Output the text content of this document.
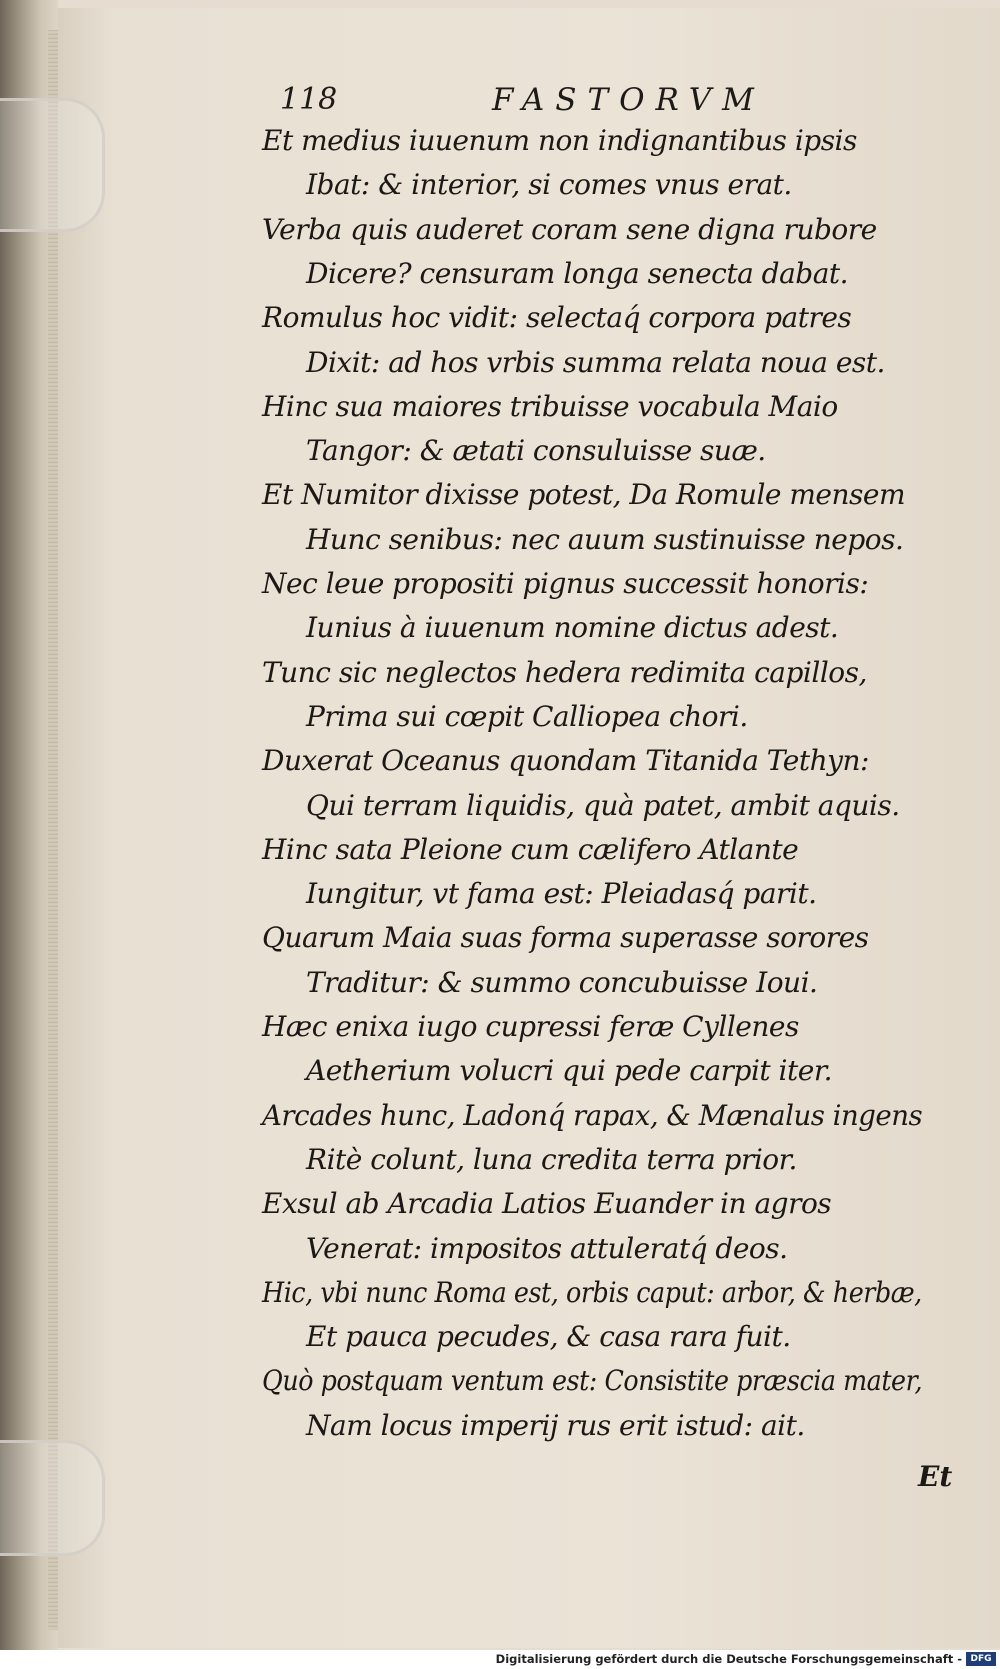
118	FASTORVM
Et medius iuuenum non indignantibus ipsis
Ibat: & interior, si comes vnus erat.
Verba quis auderet coram sene digna rubore
Dicere? censuram longa senecta dabat.
Romulus hoc vidit: selectaq́ corpora patres
Dixit: ad hos vrbis summa relata noua est.
Hinc sua maiores tribuisse vocabula Maio
Tangor: & ætati consuluisse suæ.
Et Numitor dixisse potest, Da Romule mensem
Hunc senibus: nec auum sustinuisse nepos.
Nec leue propositi pignus successit honoris:
Iunius à iuuenum nomine dictus adest.
Tunc sic neglectos hedera redimita capillos,
Prima sui cœpit Calliopea chori.
Duxerat Oceanus quondam Titanida Tethyn:
Qui terram liquidis, quà patet, ambit aquis.
Hinc sata Pleione cum cælifero Atlante
Iungitur, vt fama est: Pleiadasq́ parit.
Quarum Maia suas forma superasse sorores
Traditur: & summo concubuisse Ioui.
Hæc enixa iugo cupressi feræ Cyllenes
Aetherium volucri qui pede carpit iter.
Arcades hunc, Ladonq́ rapax, & Mænalus ingens
Ritè colunt, luna credita terra prior.
Exsul ab Arcadia Latios Euander in agros
Venerat: impositos attuleratq́ deos.
Hic, vbi nunc Roma est, orbis caput: arbor, & herbæ,
Et pauca pecudes, & casa rara fuit.
Quò postquam ventum est: Consistite præscia mater,
Nam locus imperij rus erit istud: ait.
Et
Digitalisierung gefördert durch die Deutsche Forschungsgemeinschaft - DFG
